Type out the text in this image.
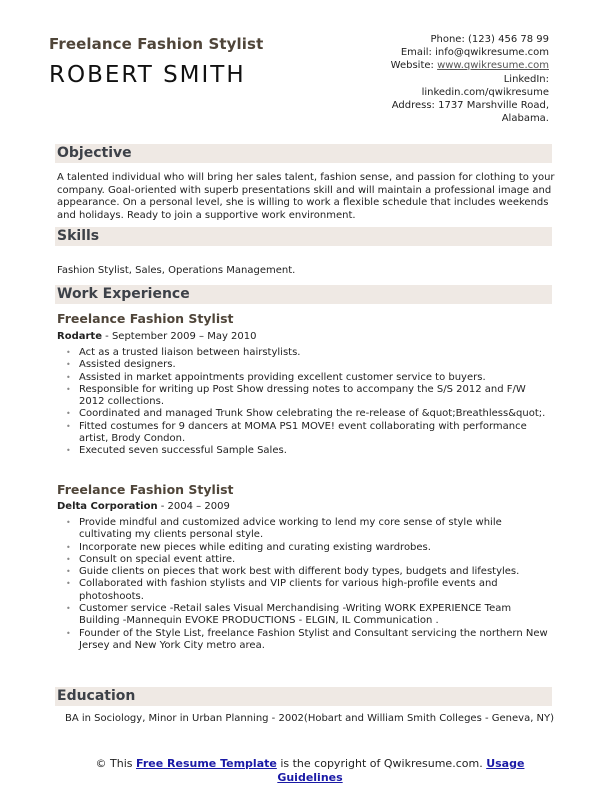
Freelance Fashion Stylist
ROBERT SMITH
Phone: (123) 456 78 99
Email: info@qwikresume.com
Website: www.qwikresume.com
LinkedIn:
linkedin.com/qwikresume
Address: 1737 Marshville Road,
Alabama.
Objective
A talented individual who will bring her sales talent, fashion sense, and passion for clothing to your company. Goal-oriented with superb presentations skill and will maintain a professional image and appearance. On a personal level, she is willing to work a flexible schedule that includes weekends and holidays. Ready to join a supportive work environment.
Skills
Fashion Stylist, Sales, Operations Management.
Work Experience
Freelance Fashion Stylist
Rodarte - September 2009 – May 2010
• Act as a trusted liaison between hairstylists.
• Assisted designers.
• Assisted in market appointments providing excellent customer service to buyers.
• Responsible for writing up Post Show dressing notes to accompany the S/S 2012 and F/W 2012 collections.
• Coordinated and managed Trunk Show celebrating the re-release of &quot;Breathless&quot;.
• Fitted costumes for 9 dancers at MOMA PS1 MOVE! event collaborating with performance artist, Brody Condon.
• Executed seven successful Sample Sales.
Freelance Fashion Stylist
Delta Corporation - 2004 – 2009
• Provide mindful and customized advice working to lend my core sense of style while cultivating my clients personal style.
• Incorporate new pieces while editing and curating existing wardrobes.
• Consult on special event attire.
• Guide clients on pieces that work best with different body types, budgets and lifestyles.
• Collaborated with fashion stylists and VIP clients for various high-profile events and photoshoots.
• Customer service -Retail sales Visual Merchandising -Writing WORK EXPERIENCE Team Building -Mannequin EVOKE PRODUCTIONS - ELGIN, IL Communication .
• Founder of the Style List, freelance Fashion Stylist and Consultant servicing the northern New Jersey and New York City metro area.
Education
BA in Sociology, Minor in Urban Planning - 2002(Hobart and William Smith Colleges - Geneva, NY)
© This Free Resume Template is the copyright of Qwikresume.com. Usage Guidelines
